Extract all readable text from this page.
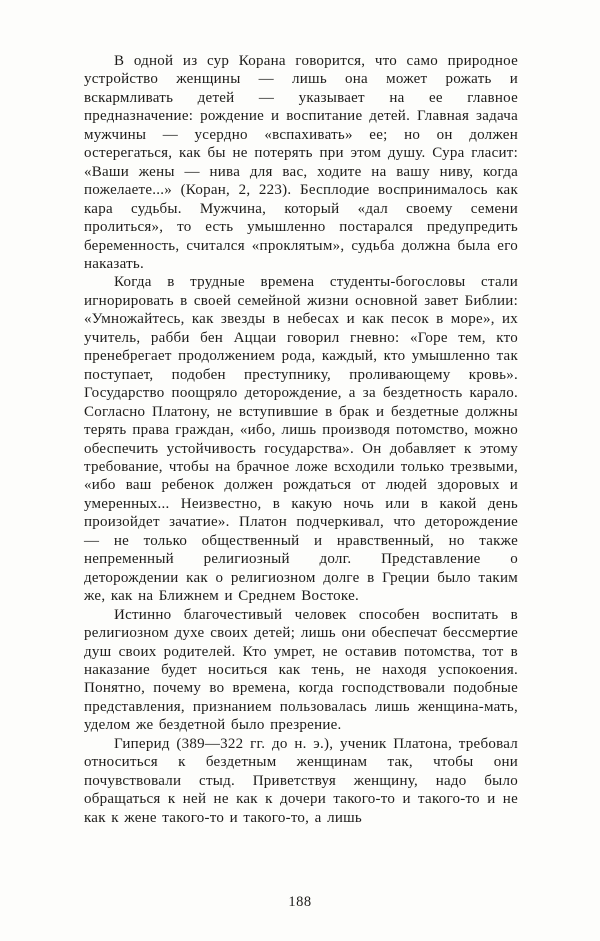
В одной из сур Корана говорится, что само природное устройство женщины — лишь она может рожать и вскармливать детей — указывает на ее главное предназначение: рождение и воспитание детей. Главная задача мужчины — усердно «вспахивать» ее; но он должен остерегаться, как бы не потерять при этом душу. Сура гласит: «Ваши жены — нива для вас, ходите на вашу ниву, когда пожелаете...» (Коран, 2, 223). Бесплодие воспринималось как кара судьбы. Мужчина, который «дал своему семени пролиться», то есть умышленно постарался предупредить беременность, считался «проклятым», судьба должна была его наказать.

Когда в трудные времена студенты-богословы стали игнорировать в своей семейной жизни основной завет Библии: «Умножайтесь, как звезды в небесах и как песок в море», их учитель, рабби бен Аццаи говорил гневно: «Горе тем, кто пренебрегает продолжением рода, каждый, кто умышленно так поступает, подобен преступнику, проливающему кровь». Государство поощряло деторождение, а за бездетность карало. Согласно Платону, не вступившие в брак и бездетные должны терять права граждан, «ибо, лишь производя потомство, можно обеспечить устойчивость государства». Он добавляет к этому требование, чтобы на брачное ложе всходили только трезвыми, «ибо ваш ребенок должен рождаться от людей здоровых и умеренных... Неизвестно, в какую ночь или в какой день произойдет зачатие». Платон подчеркивал, что деторождение — не только общественный и нравственный, но также непременный религиозный долг. Представление о деторождении как о религиозном долге в Греции было таким же, как на Ближнем и Среднем Востоке.

Истинно благочестивый человек способен воспитать в религиозном духе своих детей; лишь они обеспечат бессмертие душ своих родителей. Кто умрет, не оставив потомства, тот в наказание будет носиться как тень, не находя успокоения. Понятно, почему во времена, когда господствовали подобные представления, признанием пользовалась лишь женщина-мать, уделом же бездетной было презрение.

Гиперид (389—322 гг. до н. э.), ученик Платона, требовал относиться к бездетным женщинам так, чтобы они почувствовали стыд. Приветствуя женщину, надо было обращаться к ней не как к дочери такого-то и такого-то и не как к жене такого-то и такого-то, а лишь

188
